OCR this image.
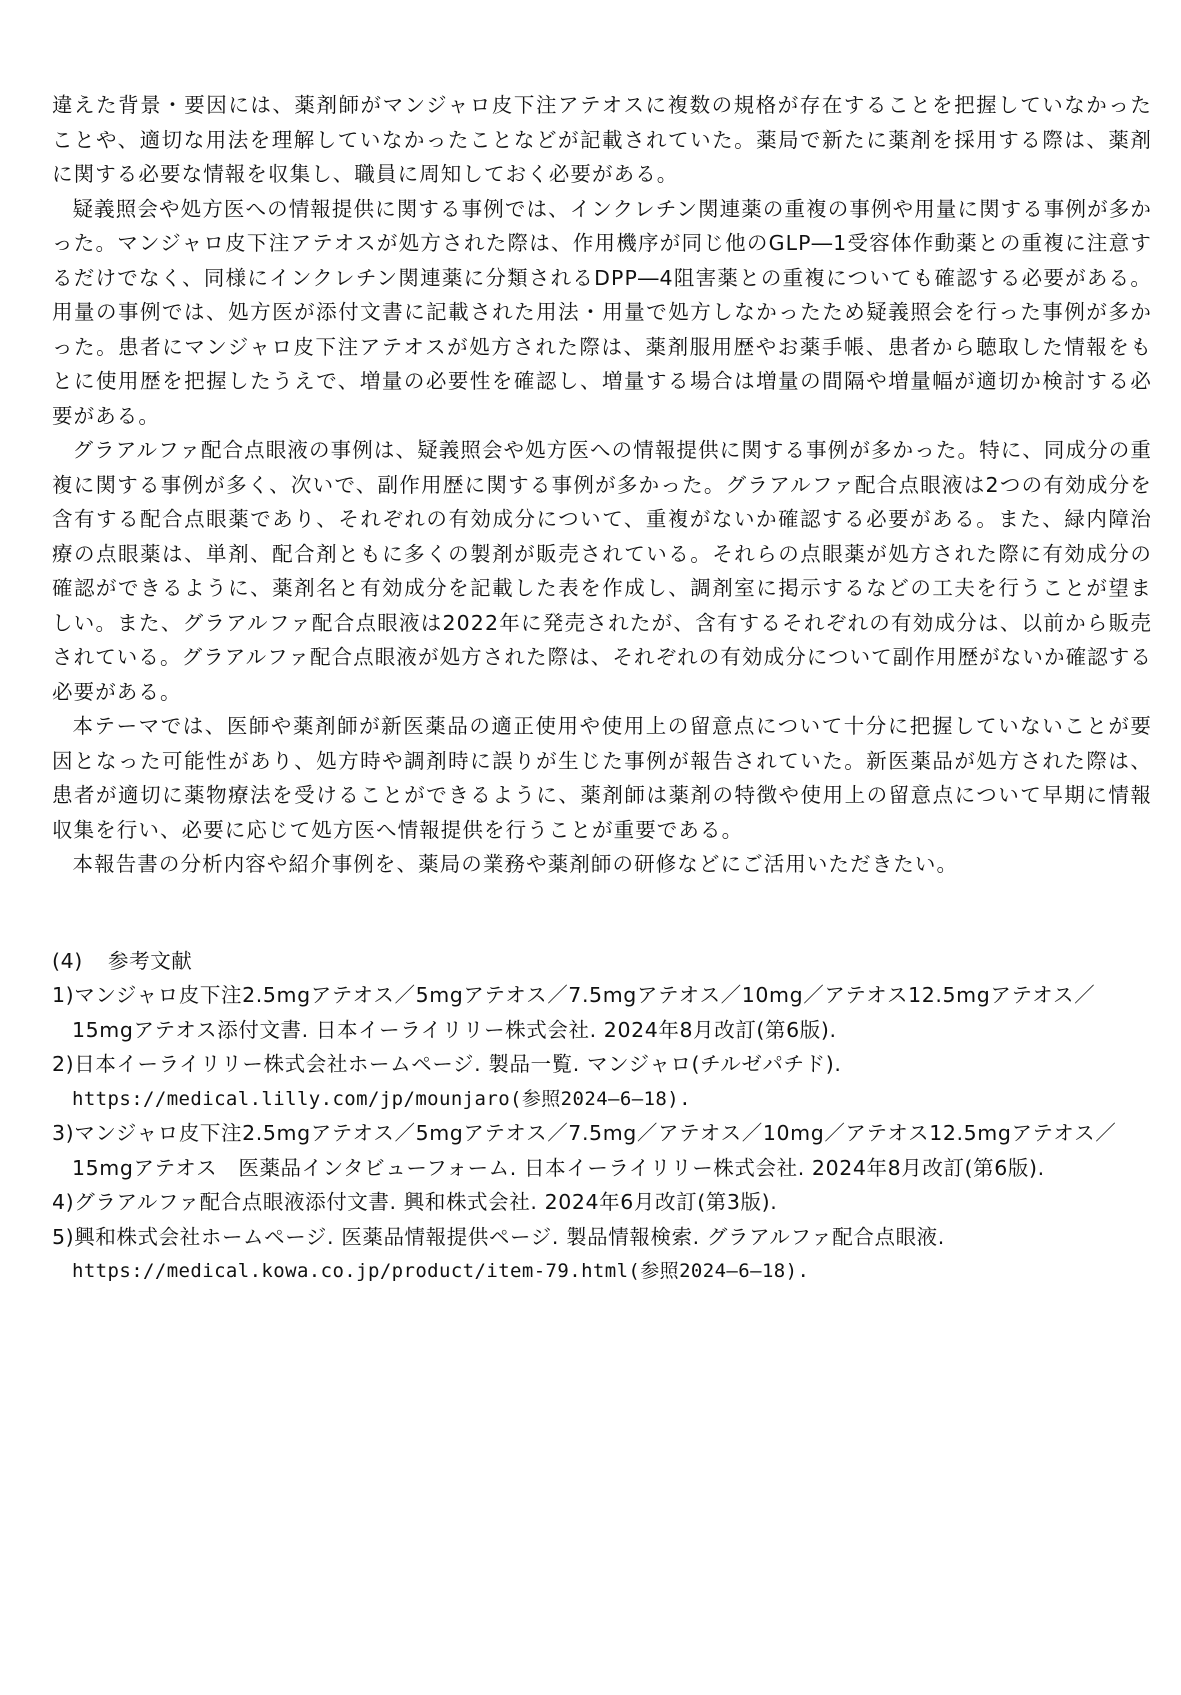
違えた背景・要因には、薬剤師がマンジャロ皮下注アテオスに複数の規格が存在することを把握していなかったことや、適切な用法を理解していなかったことなどが記載されていた。薬局で新たに薬剤を採用する際は、薬剤に関する必要な情報を収集し、職員に周知しておく必要がある。

疑義照会や処方医への情報提供に関する事例では、インクレチン関連薬の重複の事例や用量に関する事例が多かった。マンジャロ皮下注アテオスが処方された際は、作用機序が同じ他のGLP―1受容体作動薬との重複に注意するだけでなく、同様にインクレチン関連薬に分類されるDPP―4阻害薬との重複についても確認する必要がある。用量の事例では、処方医が添付文書に記載された用法・用量で処方しなかったため疑義照会を行った事例が多かった。患者にマンジャロ皮下注アテオスが処方された際は、薬剤服用歴やお薬手帳、患者から聴取した情報をもとに使用歴を把握したうえで、増量の必要性を確認し、増量する場合は増量の間隔や増量幅が適切か検討する必要がある。

グラアルファ配合点眼液の事例は、疑義照会や処方医への情報提供に関する事例が多かった。特に、同成分の重複に関する事例が多く、次いで、副作用歴に関する事例が多かった。グラアルファ配合点眼液は2つの有効成分を含有する配合点眼薬であり、それぞれの有効成分について、重複がないか確認する必要がある。また、緑内障治療の点眼薬は、単剤、配合剤ともに多くの製剤が販売されている。それらの点眼薬が処方された際に有効成分の確認ができるように、薬剤名と有効成分を記載した表を作成し、調剤室に掲示するなどの工夫を行うことが望ましい。また、グラアルファ配合点眼液は2022年に発売されたが、含有するそれぞれの有効成分は、以前から販売されている。グラアルファ配合点眼液が処方された際は、それぞれの有効成分について副作用歴がないか確認する必要がある。

本テーマでは、医師や薬剤師が新医薬品の適正使用や使用上の留意点について十分に把握していないことが要因となった可能性があり、処方時や調剤時に誤りが生じた事例が報告されていた。新医薬品が処方された際は、患者が適切に薬物療法を受けることができるように、薬剤師は薬剤の特徴や使用上の留意点について早期に情報収集を行い、必要に応じて処方医へ情報提供を行うことが重要である。

本報告書の分析内容や紹介事例を、薬局の業務や薬剤師の研修などにご活用いただきたい。

(4) 参考文献

1)マンジャロ皮下注2.5mgアテオス／5mgアテオス／7.5mgアテオス／10mg／アテオス12.5mgアテオス／15mgアテオス添付文書. 日本イーライリリー株式会社. 2024年8月改訂(第6版).

2)日本イーライリリー株式会社ホームページ. 製品一覧. マンジャロ(チルゼパチド).
https://medical.lilly.com/jp/mounjaro(参照2024―6―18).

3)マンジャロ皮下注2.5mgアテオス／5mgアテオス／7.5mg／アテオス／10mg／アテオス12.5mgアテオス／15mgアテオス　医薬品インタビューフォーム. 日本イーライリリー株式会社. 2024年8月改訂(第6版).

4)グラアルファ配合点眼液添付文書. 興和株式会社. 2024年6月改訂(第3版).

5)興和株式会社ホームページ. 医薬品情報提供ページ. 製品情報検索. グラアルファ配合点眼液.
https://medical.kowa.co.jp/product/item-79.html(参照2024―6―18).
